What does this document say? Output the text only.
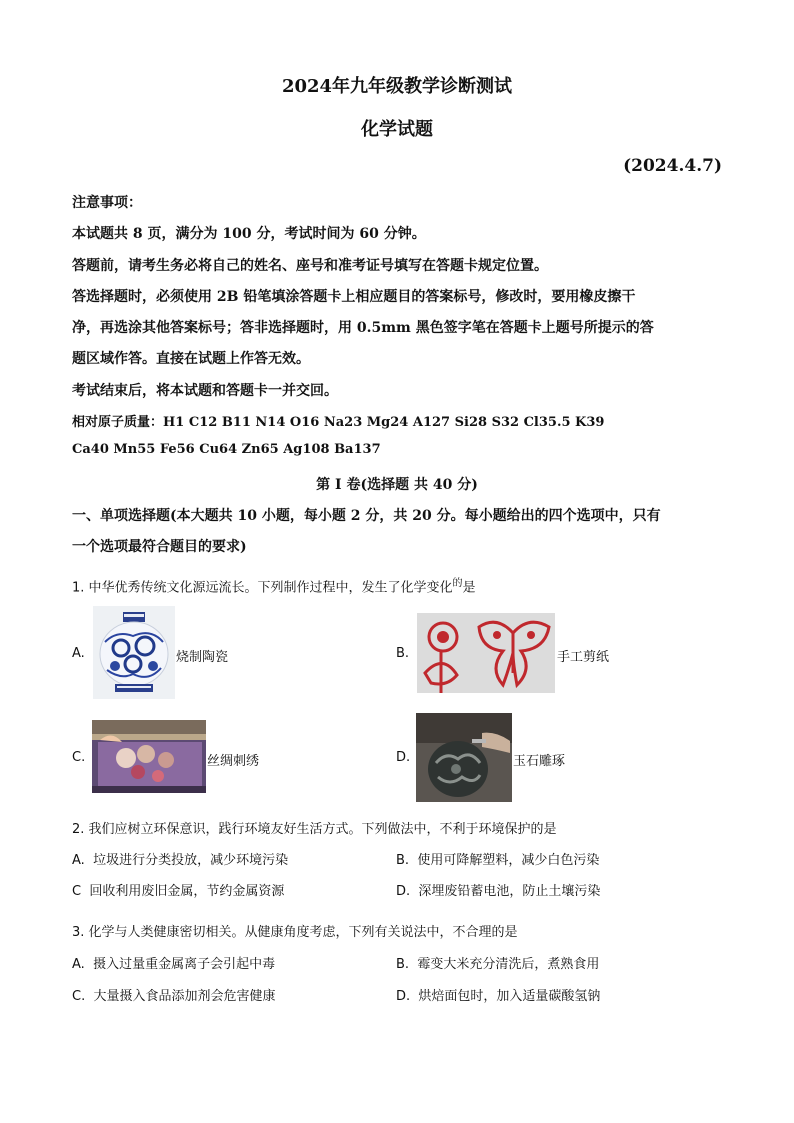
2024年九年级教学诊断测试
化学试题
(2024.4.7)
注意事项：
本试题共 8 页，满分为 100 分，考试时间为 60 分钟。
答题前，请考生务必将自己的姓名、座号和准考证号填写在答题卡规定位置。
答选择题时，必须使用 2B 铅笔填涂答题卡上相应题目的答案标号，修改时，要用橡皮擦干
净，再选涂其他答案标号；答非选择题时，用 0.5mm 黑色签字笔在答题卡上题号所提示的答
题区域作答。直接在试题上作答无效。
考试结束后，将本试题和答题卡一并交回。
相对原子质量：H1 C12 B11 N14 O16 Na23 Mg24 A127 Si28 S32 Cl35.5 K39
Ca40 Mn55 Fe56 Cu64 Zn65 Ag108 Ba137
第 I 卷(选择题 共 40 分)
一、单项选择题(本大题共 10 小题，每小题 2 分，共 20 分。每小题给出的四个选项中，只有
一个选项最符合题目的要求)
1. 中华优秀传统文化源远流长。下列制作过程中，发生了化学变化$^的$是
A.	烧制陶瓷	B.	手工剪纸
C.	丝绸刺绣	D.	玉石雕琢
2. 我们应树立环保意识，践行环境友好生活方式。下列做法中，不利于环境保护的是
A. 垃圾进行分类投放，减少环境污染	B. 使用可降解塑料，减少白色污染
C 回收利用废旧金属，节约金属资源	D. 深埋废铅蓄电池，防止土壤污染
3. 化学与人类健康密切相关。从健康角度考虑，下列有关说法中，不合理的是
A. 摄入过量重金属离子会引起中毒	B. 霉变大米充分清洗后，煮熟食用
C. 大量摄入食品添加剂会危害健康	D. 烘焙面包时，加入适量碳酸氢钠
